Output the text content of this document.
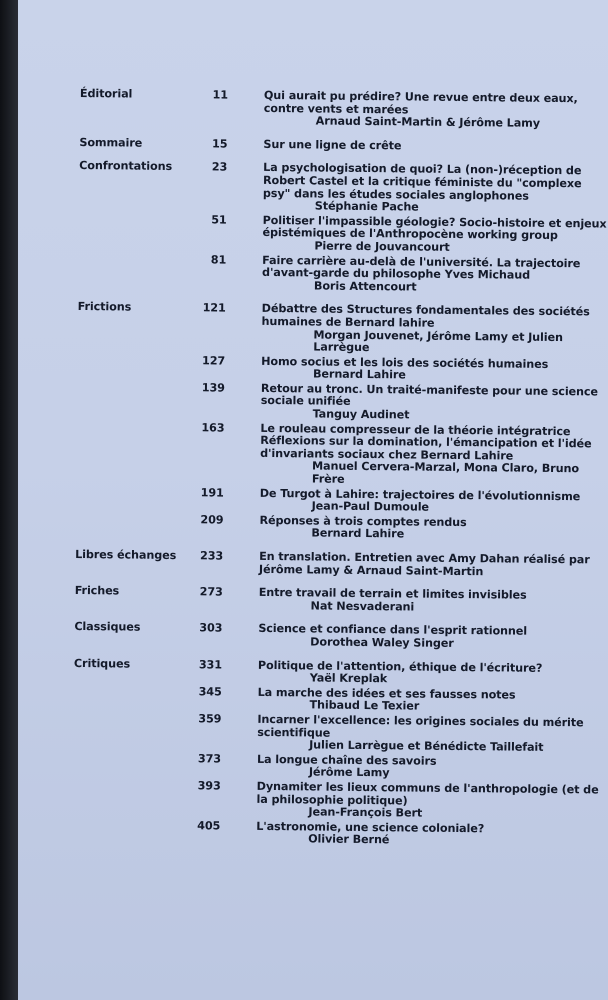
Éditorial	11	Qui aurait pu prédire? Une revue entre deux eaux, contre vents et marées
Arnaud Saint-Martin & Jérôme Lamy
Sommaire	15	Sur une ligne de crête
Confrontations	23	La psychologisation de quoi? La (non-)réception de Robert Castel et la critique féministe du "complexe psy" dans les études sociales anglophones
Stéphanie Pache
51	Politiser l'impassible géologie? Socio-histoire et enjeux épistémiques de l'Anthropocène working group
Pierre de Jouvancourt
81	Faire carrière au-delà de l'université. La trajectoire d'avant-garde du philosophe Yves Michaud
Boris Attencourt
Frictions	121	Débattre des Structures fondamentales des sociétés humaines de Bernard lahire
Morgan Jouvenet, Jérôme Lamy et Julien Larrègue
127	Homo socius et les lois des sociétés humaines
Bernard Lahire
139	Retour au tronc. Un traité-manifeste pour une science sociale unifiée
Tanguy Audinet
163	Le rouleau compresseur de la théorie intégratrice Réflexions sur la domination, l'émancipation et l'idée d'invariants sociaux chez Bernard Lahire
Manuel Cervera-Marzal, Mona Claro, Bruno Frère
191	De Turgot à Lahire: trajectoires de l'évolutionnisme
Jean-Paul Dumoule
209	Réponses à trois comptes rendus
Bernard Lahire
Libres échanges	233	En translation. Entretien avec Amy Dahan réalisé par Jérôme Lamy & Arnaud Saint-Martin
Friches	273	Entre travail de terrain et limites invisibles
Nat Nesvaderani
Classiques	303	Science et confiance dans l'esprit rationnel
Dorothea Waley Singer
Critiques	331	Politique de l'attention, éthique de l'écriture?
Yaël Kreplak
345	La marche des idées et ses fausses notes
Thibaud Le Texier
359	Incarner l'excellence: les origines sociales du mérite scientifique
Julien Larrègue et Bénédicte Taillefait
373	La longue chaîne des savoirs
Jérôme Lamy
393	Dynamiter les lieux communs de l'anthropologie (et de la philosophie politique)
Jean-François Bert
405	L'astronomie, une science coloniale?
Olivier Berné
